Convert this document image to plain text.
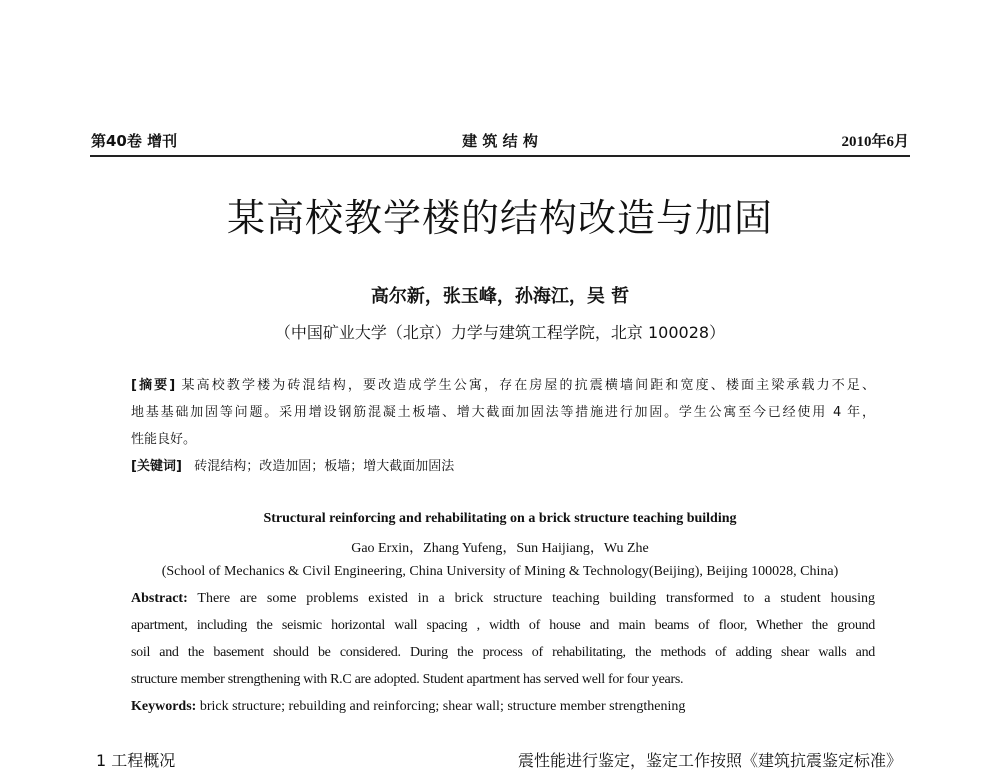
第40卷 增刊	建 筑 结 构	2010年6月
某高校教学楼的结构改造与加固
高尔新，张玉峰，孙海江，吴 哲
（中国矿业大学（北京）力学与建筑工程学院，北京 100028）
[摘要] 某高校教学楼为砖混结构，要改造成学生公寓，存在房屋的抗震横墙间距和宽度、楼面主梁承载力不足、
地基基础加固等问题。采用增设钢筋混凝土板墙、增大截面加固法等措施进行加固。学生公寓至今已经使用 4 年，
性能良好。
[关键词] 砖混结构；改造加固；板墙；增大截面加固法
Structural reinforcing and rehabilitating on a brick structure teaching building
Gao Erxin，Zhang Yufeng，Sun Haijiang，Wu Zhe
(School of Mechanics & Civil Engineering, China University of Mining & Technology(Beijing), Beijing 100028, China)
Abstract: There are some problems existed in a brick structure teaching building transformed to a student housing
apartment, including the seismic horizontal wall spacing , width of house and main beams of floor, Whether the ground
soil and the basement should be considered. During the process of rehabilitating, the methods of adding shear walls and
structure member strengthening with R.C are adopted. Student apartment has served well for four years.
Keywords: brick structure; rebuilding and reinforcing; shear wall; structure member strengthening
1 工程概况	震性能进行鉴定，鉴定工作按照《建筑抗震鉴定标准》
